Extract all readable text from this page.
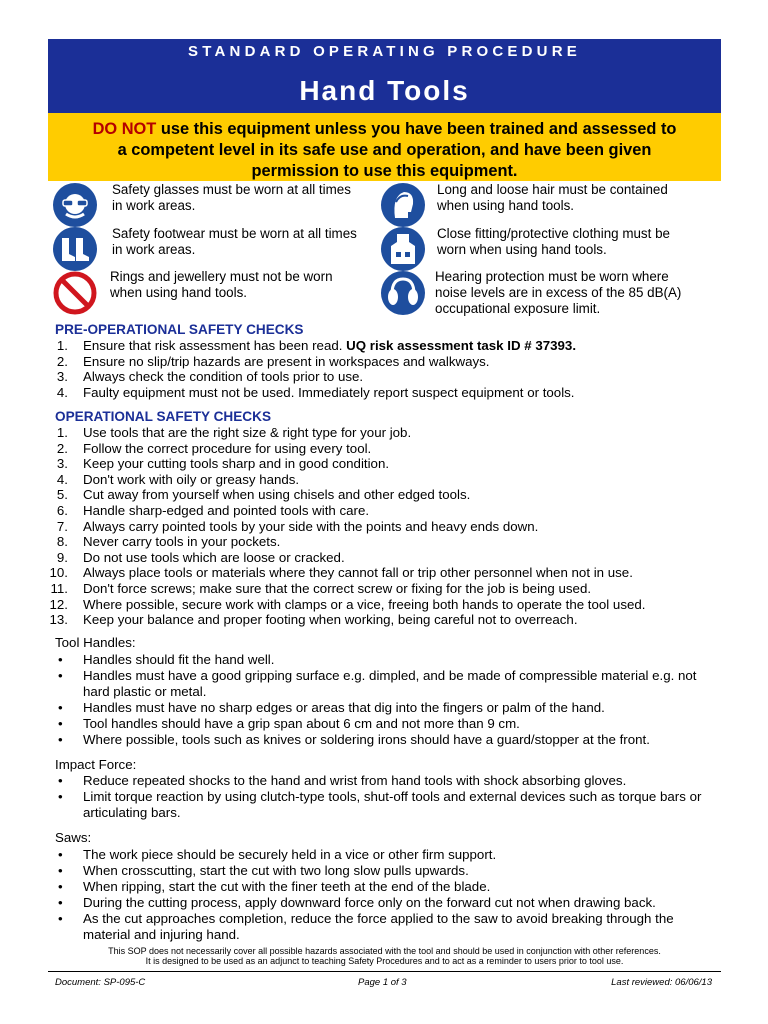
STANDARD OPERATING PROCEDURE
Hand Tools
DO NOT use this equipment unless you have been trained and assessed to
a competent level in its safe use and operation, and have been given
permission to use this equipment.
Safety glasses must be worn at all times
in work areas.
Long and loose hair must be contained
when using hand tools.
Safety footwear must be worn at all times
in work areas.
Close fitting/protective clothing must be
worn when using hand tools.
Rings and jewellery must not be worn
when using hand tools.
Hearing protection must be worn where
noise levels are in excess of the 85 dB(A)
occupational exposure limit.
PRE-OPERATIONAL SAFETY CHECKS
1. Ensure that risk assessment has been read. UQ risk assessment task ID # 37393.
2. Ensure no slip/trip hazards are present in workspaces and walkways.
3. Always check the condition of tools prior to use.
4. Faulty equipment must not be used. Immediately report suspect equipment or tools.
OPERATIONAL SAFETY CHECKS
1. Use tools that are the right size & right type for your job.
2. Follow the correct procedure for using every tool.
3. Keep your cutting tools sharp and in good condition.
4. Don't work with oily or greasy hands.
5. Cut away from yourself when using chisels and other edged tools.
6. Handle sharp-edged and pointed tools with care.
7. Always carry pointed tools by your side with the points and heavy ends down.
8. Never carry tools in your pockets.
9. Do not use tools which are loose or cracked.
10. Always place tools or materials where they cannot fall or trip other personnel when not in use.
11. Don't force screws; make sure that the correct screw or fixing for the job is being used.
12. Where possible, secure work with clamps or a vice, freeing both hands to operate the tool used.
13. Keep your balance and proper footing when working, being careful not to overreach.
Tool Handles:
• Handles should fit the hand well.
• Handles must have a good gripping surface e.g. dimpled, and be made of compressible material e.g. not hard plastic or metal.
• Handles must have no sharp edges or areas that dig into the fingers or palm of the hand.
• Tool handles should have a grip span about 6 cm and not more than 9 cm.
• Where possible, tools such as knives or soldering irons should have a guard/stopper at the front.
Impact Force:
• Reduce repeated shocks to the hand and wrist from hand tools with shock absorbing gloves.
• Limit torque reaction by using clutch-type tools, shut-off tools and external devices such as torque bars or articulating bars.
Saws:
• The work piece should be securely held in a vice or other firm support.
• When crosscutting, start the cut with two long slow pulls upwards.
• When ripping, start the cut with the finer teeth at the end of the blade.
• During the cutting process, apply downward force only on the forward cut not when drawing back.
• As the cut approaches completion, reduce the force applied to the saw to avoid breaking through the material and injuring hand.
This SOP does not necessarily cover all possible hazards associated with the tool and should be used in conjunction with other references.
It is designed to be used as an adjunct to teaching Safety Procedures and to act as a reminder to users prior to tool use.
Document: SP-095-C	Page 1 of 3	Last reviewed: 06/06/13
